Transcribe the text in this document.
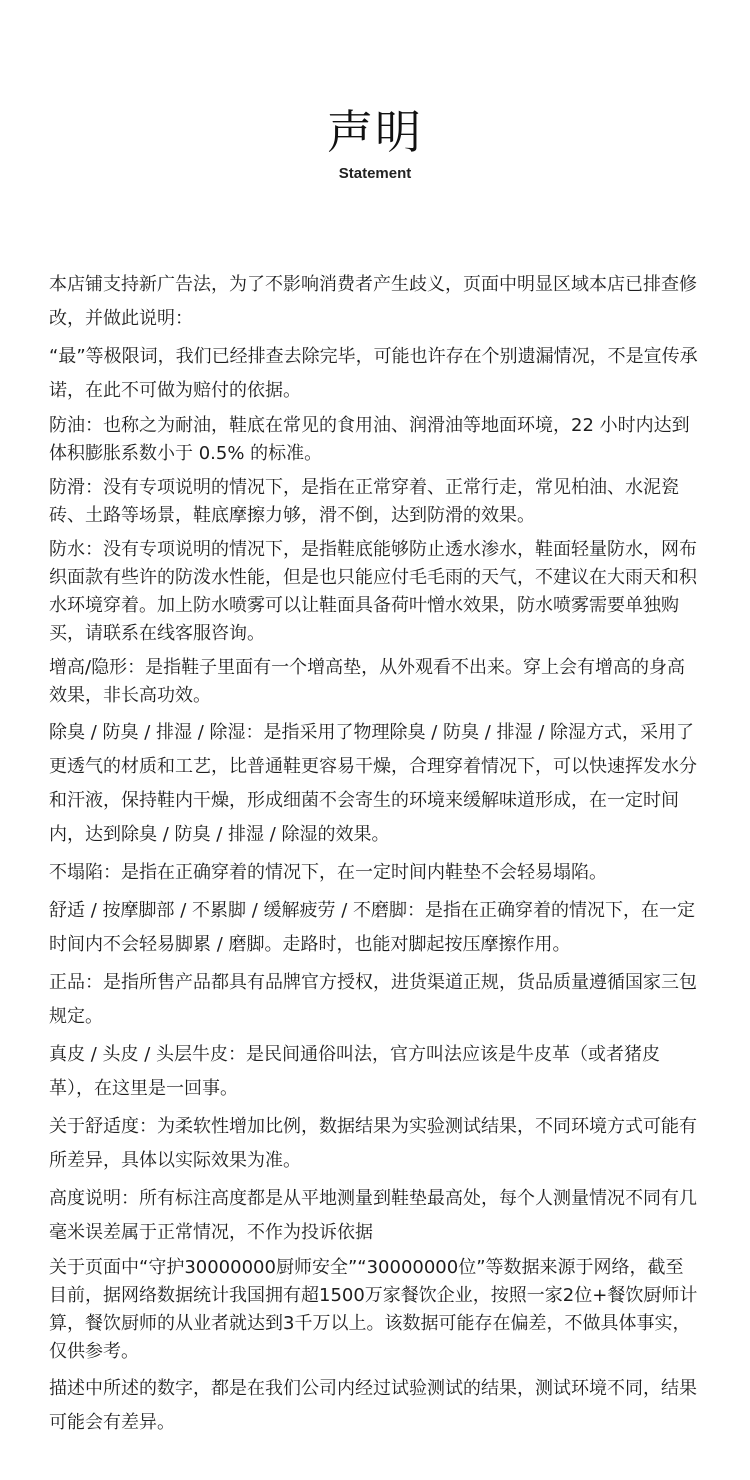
声明
Statement

本店铺支持新广告法，为了不影响消费者产生歧义，页面中明显区域本店已排查修改，并做此说明：

“最”等极限词，我们已经排查去除完毕，可能也许存在个别遗漏情况，不是宣传承诺，在此不可做为赔付的依据。

防油：也称之为耐油，鞋底在常见的食用油、润滑油等地面环境，22 小时内达到体积膨胀系数小于 0.5% 的标准。

防滑：没有专项说明的情况下，是指在正常穿着、正常行走，常见柏油、水泥瓷砖、土路等场景，鞋底摩擦力够，滑不倒，达到防滑的效果。

防水：没有专项说明的情况下，是指鞋底能够防止透水渗水，鞋面轻量防水，网布织面款有些许的防泼水性能，但是也只能应付毛毛雨的天气，不建议在大雨天和积水环境穿着。加上防水喷雾可以让鞋面具备荷叶憎水效果，防水喷雾需要单独购买，请联系在线客服咨询。

增高/隐形：是指鞋子里面有一个增高垫，从外观看不出来。穿上会有增高的身高效果，非长高功效。

除臭 / 防臭 / 排湿 / 除湿：是指采用了物理除臭 / 防臭 / 排湿 / 除湿方式，采用了更透气的材质和工艺，比普通鞋更容易干燥，合理穿着情况下，可以快速挥发水分和汗液，保持鞋内干燥，形成细菌不会寄生的环境来缓解味道形成，在一定时间内，达到除臭 / 防臭 / 排湿 / 除湿的效果。

不塌陷：是指在正确穿着的情况下，在一定时间内鞋垫不会轻易塌陷。

舒适 / 按摩脚部 / 不累脚 / 缓解疲劳 / 不磨脚：是指在正确穿着的情况下，在一定时间内不会轻易脚累 / 磨脚。走路时，也能对脚起按压摩擦作用。

正品：是指所售产品都具有品牌官方授权，进货渠道正规，货品质量遵循国家三包规定。

真皮 / 头皮 / 头层牛皮：是民间通俗叫法，官方叫法应该是牛皮革（或者猪皮革），在这里是一回事。

关于舒适度：为柔软性增加比例，数据结果为实验测试结果，不同环境方式可能有所差异，具体以实际效果为准。

高度说明：所有标注高度都是从平地测量到鞋垫最高处，每个人测量情况不同有几毫米误差属于正常情况，不作为投诉依据

关于页面中“守护30000000厨师安全”“30000000位”等数据来源于网络，截至目前，据网络数据统计我国拥有超1500万家餐饮企业，按照一家2位+餐饮厨师计算，餐饮厨师的从业者就达到3千万以上。该数据可能存在偏差，不做具体事实，仅供参考。

描述中所述的数字，都是在我们公司内经过试验测试的结果，测试环境不同，结果可能会有差异。
